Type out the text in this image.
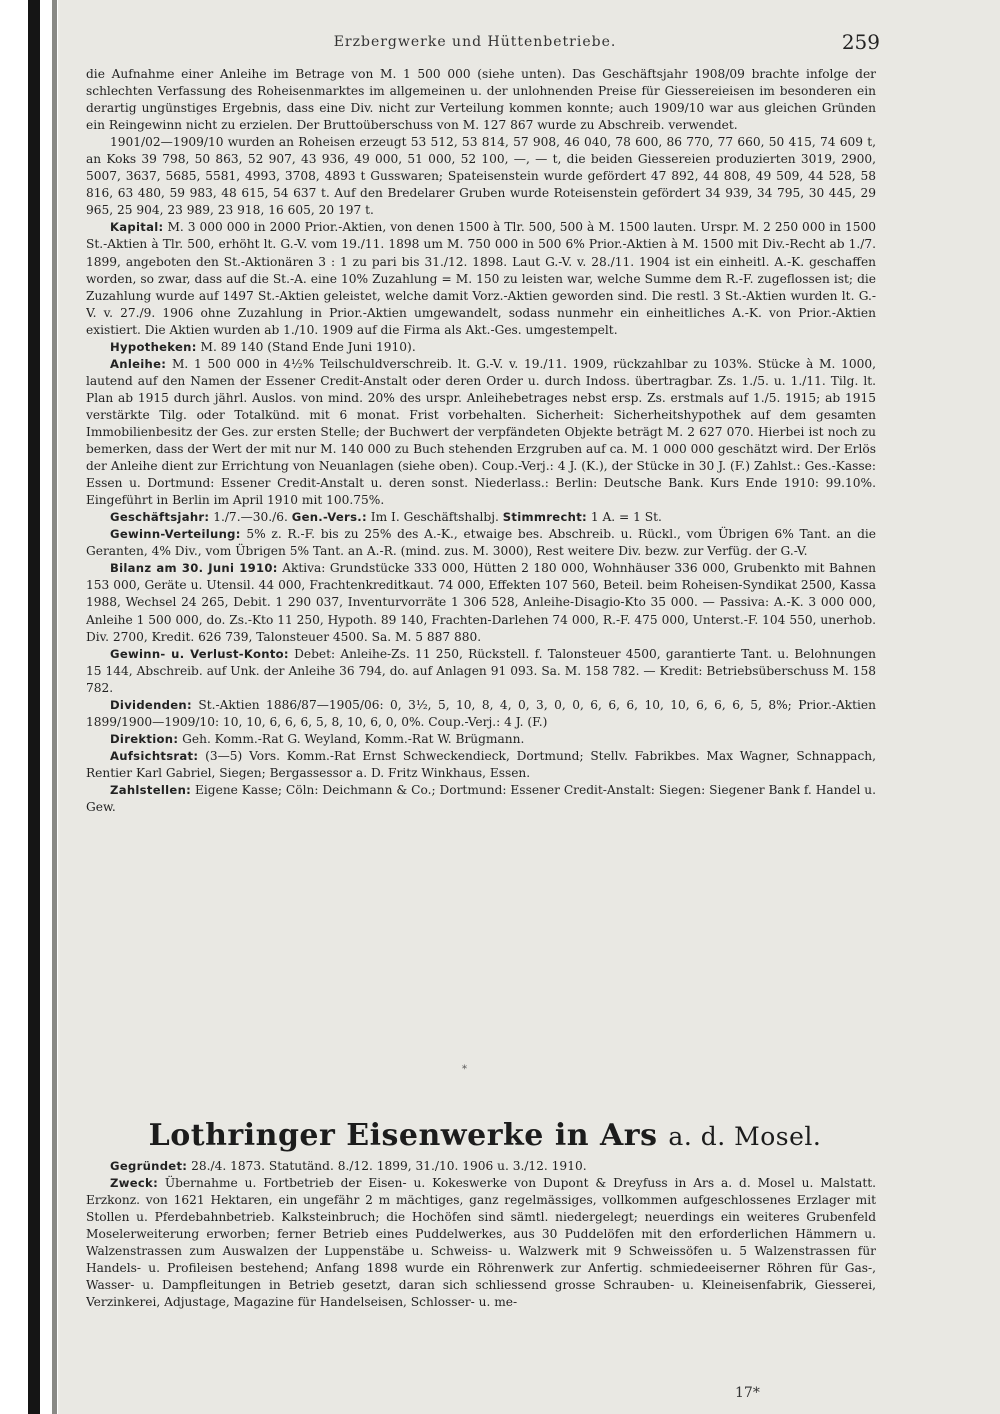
Erzbergwerke und Hüttenbetriebe.	259

die Aufnahme einer Anleihe im Betrage von M. 1 500 000 (siehe unten). Das Geschäftsjahr 1908/09 brachte infolge der schlechten Verfassung des Roheisenmarktes im allgemeinen u. der unlohnenden Preise für Giessereieisen im besonderen ein derartig ungünstiges Ergebnis, dass eine Div. nicht zur Verteilung kommen konnte; auch 1909/10 war aus gleichen Gründen ein Reingewinn nicht zu erzielen. Der Bruttoüberschuss von M. 127 867 wurde zu Abschreib. verwendet.

1901/02—1909/10 wurden an Roheisen erzeugt 53 512, 53 814, 57 908, 46 040, 78 600, 86 770, 77 660, 50 415, 74 609 t, an Koks 39 798, 50 863, 52 907, 43 936, 49 000, 51 000, 52 100, —, — t, die beiden Giessereien produzierten 3019, 2900, 5007, 3637, 5685, 5581, 4993, 3708, 4893 t Gusswaren; Spateisenstein wurde gefördert 47 892, 44 808, 49 509, 44 528, 58 816, 63 480, 59 983, 48 615, 54 637 t. Auf den Bredelarer Gruben wurde Roteisenstein gefördert 34 939, 34 795, 30 445, 29 965, 25 904, 23 989, 23 918, 16 605, 20 197 t.

Kapital: M. 3 000 000 in 2000 Prior.-Aktien, von denen 1500 à Tlr. 500, 500 à M. 1500 lauten. Urspr. M. 2 250 000 in 1500 St.-Aktien à Tlr. 500, erhöht lt. G.-V. vom 19./11. 1898 um M. 750 000 in 500 6% Prior.-Aktien à M. 1500 mit Div.-Recht ab 1./7. 1899, angeboten den St.-Aktionären 3 : 1 zu pari bis 31./12. 1898. Laut G.-V. v. 28./11. 1904 ist ein einheitl. A.-K. geschaffen worden, so zwar, dass auf die St.-A. eine 10% Zuzahlung = M. 150 zu leisten war, welche Summe dem R.-F. zugeflossen ist; die Zuzahlung wurde auf 1497 St.-Aktien geleistet, welche damit Vorz.-Aktien geworden sind. Die restl. 3 St.-Aktien wurden lt. G.-V. v. 27./9. 1906 ohne Zuzahlung in Prior.-Aktien umgewandelt, sodass nunmehr ein einheitliches A.-K. von Prior.-Aktien existiert. Die Aktien wurden ab 1./10. 1909 auf die Firma als Akt.-Ges. umgestempelt.

Hypotheken: M. 89 140 (Stand Ende Juni 1910).

Anleihe: M. 1 500 000 in 4½% Teilschuldverschreib. lt. G.-V. v. 19./11. 1909, rückzahlbar zu 103%. Stücke à M. 1000, lautend auf den Namen der Essener Credit-Anstalt oder deren Order u. durch Indoss. übertragbar. Zs. 1./5. u. 1./11. Tilg. lt. Plan ab 1915 durch jährl. Auslos. von mind. 20% des urspr. Anleihebetrages nebst ersp. Zs. erstmals auf 1./5. 1915; ab 1915 verstärkte Tilg. oder Totalkünd. mit 6 monat. Frist vorbehalten. Sicherheit: Sicherheitshypothek auf dem gesamten Immobilienbesitz der Ges. zur ersten Stelle; der Buchwert der verpfändeten Objekte beträgt M. 2 627 070. Hierbei ist noch zu bemerken, dass der Wert der mit nur M. 140 000 zu Buch stehenden Erzgruben auf ca. M. 1 000 000 geschätzt wird. Der Erlös der Anleihe dient zur Errichtung von Neuanlagen (siehe oben). Coup.-Verj.: 4 J. (K.), der Stücke in 30 J. (F.) Zahlst.: Ges.-Kasse: Essen u. Dortmund: Essener Credit-Anstalt u. deren sonst. Niederlass.: Berlin: Deutsche Bank. Kurs Ende 1910: 99.10%. Eingeführt in Berlin im April 1910 mit 100.75%.

Geschäftsjahr: 1./7.—30./6. Gen.-Vers.: Im I. Geschäftshalbj. Stimmrecht: 1 A. = 1 St.

Gewinn-Verteilung: 5% z. R.-F. bis zu 25% des A.-K., etwaige bes. Abschreib. u. Rückl., vom Übrigen 6% Tant. an die Geranten, 4% Div., vom Übrigen 5% Tant. an A.-R. (mind. zus. M. 3000), Rest weitere Div. bezw. zur Verfüg. der G.-V.

Bilanz am 30. Juni 1910: Aktiva: Grundstücke 333 000, Hütten 2 180 000, Wohnhäuser 336 000, Grubenkto mit Bahnen 153 000, Geräte u. Utensil. 44 000, Frachtenkreditkaut. 74 000, Effekten 107 560, Beteil. beim Roheisen-Syndikat 2500, Kassa 1988, Wechsel 24 265, Debit. 1 290 037, Inventurvorräte 1 306 528, Anleihe-Disagio-Kto 35 000. — Passiva: A.-K. 3 000 000, Anleihe 1 500 000, do. Zs.-Kto 11 250, Hypoth. 89 140, Frachten-Darlehen 74 000, R.-F. 475 000, Unterst.-F. 104 550, unerhob. Div. 2700, Kredit. 626 739, Talonsteuer 4500. Sa. M. 5 887 880.

Gewinn- u. Verlust-Konto: Debet: Anleihe-Zs. 11 250, Rückstell. f. Talonsteuer 4500, garantierte Tant. u. Belohnungen 15 144, Abschreib. auf Unk. der Anleihe 36 794, do. auf Anlagen 91 093. Sa. M. 158 782. — Kredit: Betriebsüberschuss M. 158 782.

Dividenden: St.-Aktien 1886/87—1905/06: 0, 3½, 5, 10, 8, 4, 0, 3, 0, 0, 6, 6, 6, 10, 10, 6, 6, 6, 5, 8%; Prior.-Aktien 1899/1900—1909/10: 10, 10, 6, 6, 6, 5, 8, 10, 6, 0, 0%. Coup.-Verj.: 4 J. (F.)

Direktion: Geh. Komm.-Rat G. Weyland, Komm.-Rat W. Brügmann.

Aufsichtsrat: (3—5) Vors. Komm.-Rat Ernst Schweckendieck, Dortmund; Stellv. Fabrikbes. Max Wagner, Schnappach, Rentier Karl Gabriel, Siegen; Bergassessor a. D. Fritz Winkhaus, Essen.

Zahlstellen: Eigene Kasse; Cöln: Deichmann & Co.; Dortmund: Essener Credit-Anstalt: Siegen: Siegener Bank f. Handel u. Gew.

*
Lothringer Eisenwerke in Ars a. d. Mosel.

Gegründet: 28./4. 1873. Statutänd. 8./12. 1899, 31./10. 1906 u. 3./12. 1910.

Zweck: Übernahme u. Fortbetrieb der Eisen- u. Kokeswerke von Dupont & Dreyfuss in Ars a. d. Mosel u. Malstatt. Erzkonz. von 1621 Hektaren, ein ungefähr 2 m mächtiges, ganz regelmässiges, vollkommen aufgeschlossenes Erzlager mit Stollen u. Pferdebahnbetrieb. Kalksteinbruch; die Hochöfen sind sämtl. niedergelegt; neuerdings ein weiteres Grubenfeld Moselerweiterung erworben; ferner Betrieb eines Puddelwerkes, aus 30 Puddelöfen mit den erforderlichen Hämmern u. Walzenstrassen zum Auswalzen der Luppenstäbe u. Schweiss- u. Walzwerk mit 9 Schweissöfen u. 5 Walzenstrassen für Handels- u. Profileisen bestehend; Anfang 1898 wurde ein Röhrenwerk zur Anfertig. schmiedeeiserner Röhren für Gas-, Wasser- u. Dampfleitungen in Betrieb gesetzt, daran sich schliessend grosse Schrauben- u. Kleineisenfabrik, Giesserei, Verzinkerei, Adjustage, Magazine für Handelseisen, Schlosser- u. me-

17*
